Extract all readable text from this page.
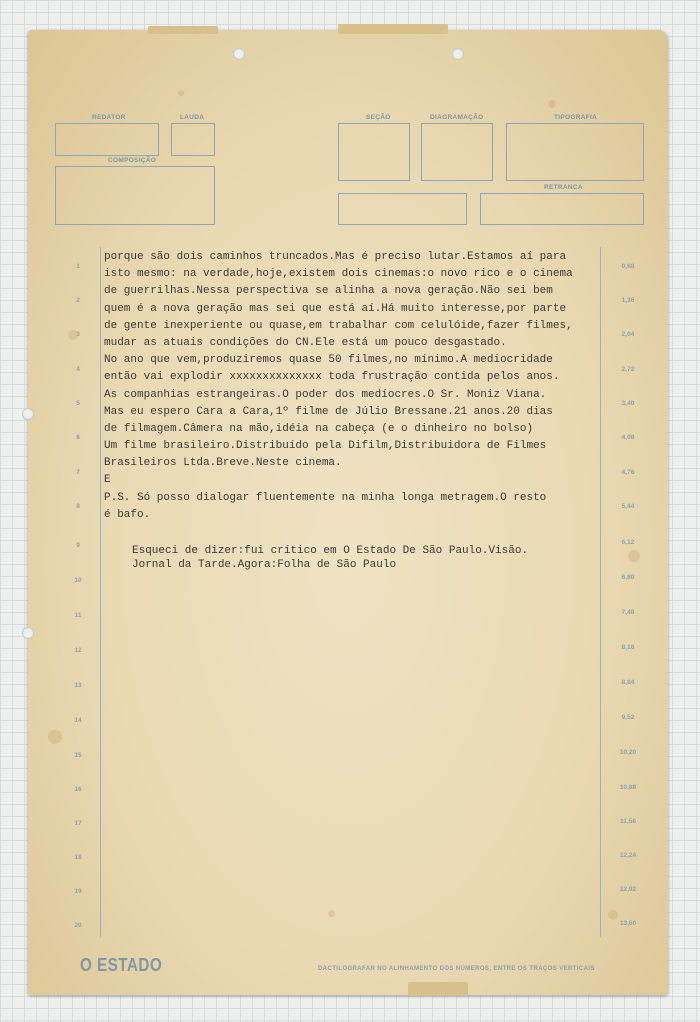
REDATOR	LAUDA	SEÇÃO	DIAGRAMAÇÃO	TIPOGRAFIA
COMPOSIÇÃO
RETRANCA
1
2
3
4
5
6
7
8
9
10
11
12
13
14
15
16
17
18
19
20
0,68
1,36
2,04
2,72
3,40
4,08
4,76
5,44
6,12
6,80
7,48
8,16
8,84
9,52
10,20
10,88
11,56
12,24
12,92
13,60
porque são dois caminhos truncados.Mas é preciso lutar.Estamos aí para
isto mesmo: na verdade,hoje,existem dois cinemas:o novo rico e o cinema
de guerrilhas.Nessa perspectiva se alinha a nova geração.Não sei bem
quem é a nova geração mas sei que está aí.Há muito interesse,por parte
de gente inexperiente ou quase,em trabalhar com celulóide,fazer filmes,
mudar as atuais condições do CN.Ele está um pouco desgastado.
No ano que vem,produziremos quase 50 filmes,no mínimo.A mediocridade
então vai explodir xxxxxxxxxxxxxx toda frustração contida pelos anos.
As companhias estrangeiras.O poder dos medíocres.O Sr. Moniz Viana.
Mas eu espero Cara a Cara,1º filme de Júlio Bressane.21 anos.20 dias
de filmagem.Câmera na mão,idéia na cabeça (e o dinheiro no bolso)
Um filme brasileiro.Distribuído pela Difilm,Distribuidora de Filmes
Brasileiros Ltda.Breve.Neste cinema.
E
P.S. Só posso dialogar fluentemente na minha longa metragem.O resto
é bafo.
Esqueci de dizer:fui crítico em O Estado De São Paulo.Visão.
Jornal da Tarde.Agora:Folha de São Paulo
O ESTADO	DACTILOGRAFAR NO ALINHAMENTO DOS NÚMEROS, ENTRE OS TRAÇOS VERTICAIS
